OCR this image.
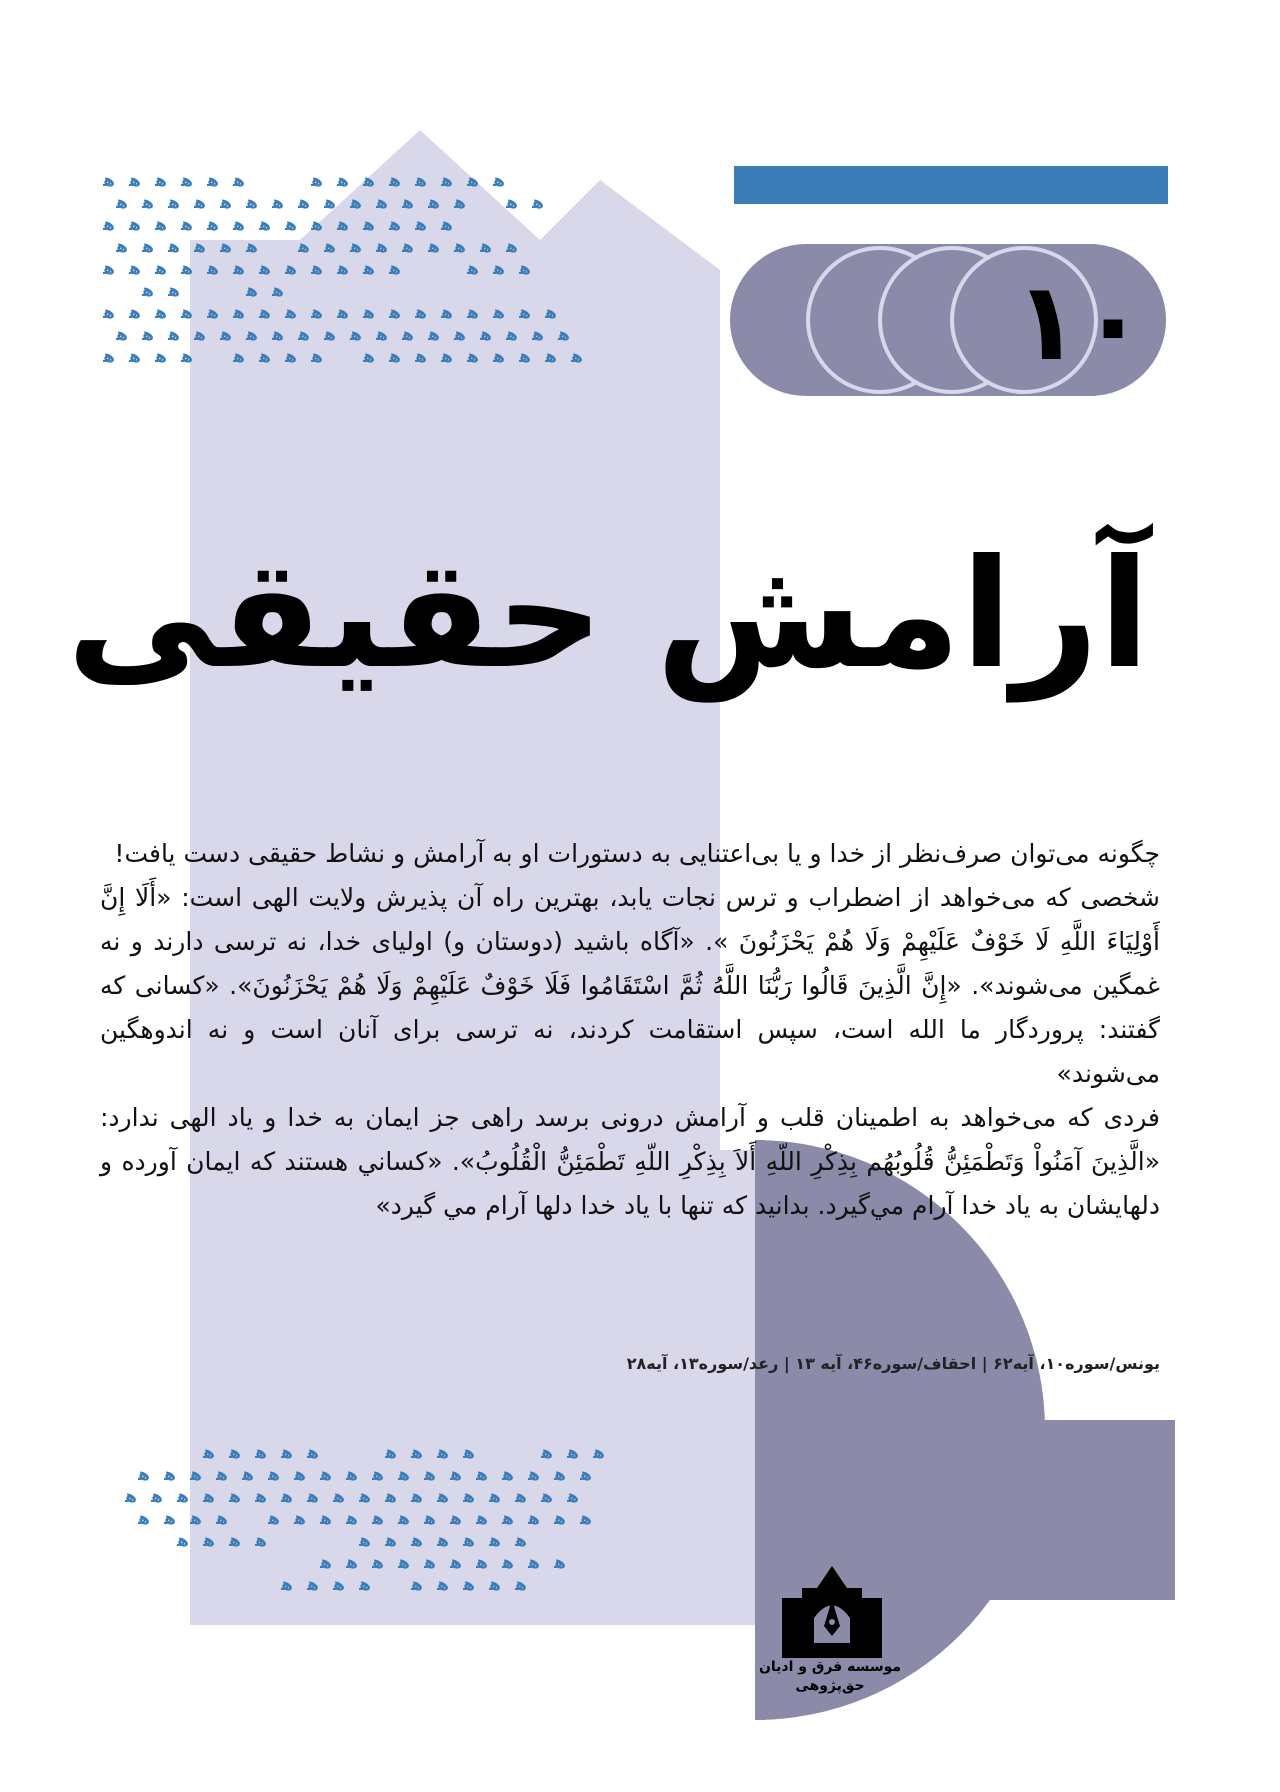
ﻫ ﻫ ﻫ ﻫ ﻫ ﻫ	ﻫ ﻫ ﻫ ﻫ ﻫ ﻫ ﻫ ﻫ
ﻫ ﻫ ﻫ ﻫ ﻫ ﻫ ﻫ ﻫ ﻫ ﻫ ﻫ ﻫ ﻫ ﻫ	ﻫ ﻫ
ﻫ ﻫ ﻫ ﻫ ﻫ ﻫ ﻫ ﻫ ﻫ ﻫ ﻫ ﻫ ﻫ ﻫ
ﻫ ﻫ ﻫ ﻫ ﻫ ﻫ	ﻫ ﻫ ﻫ ﻫ ﻫ ﻫ ﻫ ﻫ ﻫ
ﻫ ﻫ ﻫ ﻫ ﻫ ﻫ ﻫ ﻫ ﻫ ﻫ ﻫ ﻫ	ﻫ ﻫ ﻫ
ﻫ ﻫ	ﻫ ﻫ
ﻫ ﻫ ﻫ ﻫ ﻫ ﻫ ﻫ ﻫ ﻫ ﻫ ﻫ ﻫ ﻫ ﻫ ﻫ ﻫ ﻫ ﻫ
ﻫ ﻫ ﻫ ﻫ ﻫ ﻫ ﻫ ﻫ ﻫ ﻫ ﻫ ﻫ ﻫ ﻫ ﻫ ﻫ ﻫ ﻫ
ﻫ ﻫ ﻫ ﻫ	ﻫ ﻫ ﻫ ﻫ	ﻫ ﻫ ﻫ ﻫ ﻫ ﻫ ﻫ ﻫ ﻫ
ﻫ ﻫ ﻫ ﻫ ﻫ	ﻫ ﻫ ﻫ ﻫ	ﻫ ﻫ ﻫ
ﻫ ﻫ ﻫ ﻫ ﻫ ﻫ ﻫ ﻫ ﻫ ﻫ ﻫ ﻫ ﻫ ﻫ ﻫ ﻫ ﻫ ﻫ
ﻫ ﻫ ﻫ ﻫ ﻫ ﻫ ﻫ ﻫ ﻫ ﻫ ﻫ ﻫ ﻫ ﻫ ﻫ ﻫ ﻫ ﻫ
ﻫ ﻫ ﻫ ﻫ	ﻫ ﻫ ﻫ ﻫ ﻫ ﻫ ﻫ ﻫ ﻫ ﻫ ﻫ ﻫ ﻫ
ﻫ ﻫ ﻫ ﻫ	ﻫ ﻫ ﻫ ﻫ ﻫ ﻫ ﻫ
ﻫ ﻫ ﻫ ﻫ ﻫ ﻫ ﻫ ﻫ ﻫ ﻫ
ﻫ ﻫ ﻫ ﻫ	ﻫ ﻫ ﻫ ﻫ ﻫ
۱۰
آرامش حقیقی

چگونه می‌توان صرف‌نظر از خدا و یا بی‌اعتنایی به دستورات او به آرامش و نشاط حقیقی دست یافت!

شخصی که می‌خواهد از اضطراب و ترس نجات یابد، بهترین راه آن پذیرش ولایت الهی است: «أَلَا إِنَّ أَوْلِيَاءَ اللَّهِ لَا خَوْفٌ عَلَيْهِمْ وَلَا هُمْ يَحْزَنُونَ ». «آگاه باشید (دوستان و) اولیای خدا، نه ترسی دارند و نه غمگین می‌شوند». «إِنَّ الَّذِينَ قَالُوا رَبُّنَا اللَّهُ ثُمَّ اسْتَقَامُوا فَلَا خَوْفٌ عَلَيْهِمْ وَلَا هُمْ يَحْزَنُونَ». «کسانی که گفتند: پروردگار ما الله است، سپس استقامت کردند، نه ترسی برای آنان است و نه اندوهگین می‌شوند»

فردی که می‌خواهد به اطمینان قلب و آرامش درونی برسد راهی جز ایمان به خدا و یاد الهی ندارد: «الَّذِينَ آمَنُواْ وَتَطْمَئِنُّ قُلُوبُهُم بِذِكْرِ اللّهِ أَلاَ بِذِكْرِ اللّهِ تَطْمَئِنُّ الْقُلُوبُ». «کساني هستند که ايمان آورده و دلهايشان به ياد خدا آرام مي‌گيرد. بدانيد که تنها با ياد خدا دلها آرام مي گيرد»

یونس/سوره۱۰، آیه۶۲ | احقاف/سوره۴۶، آیه ۱۳ | رعد/سوره۱۳، آیه۲۸
موسسه فرق و ادیان
حق‌پژوهی
